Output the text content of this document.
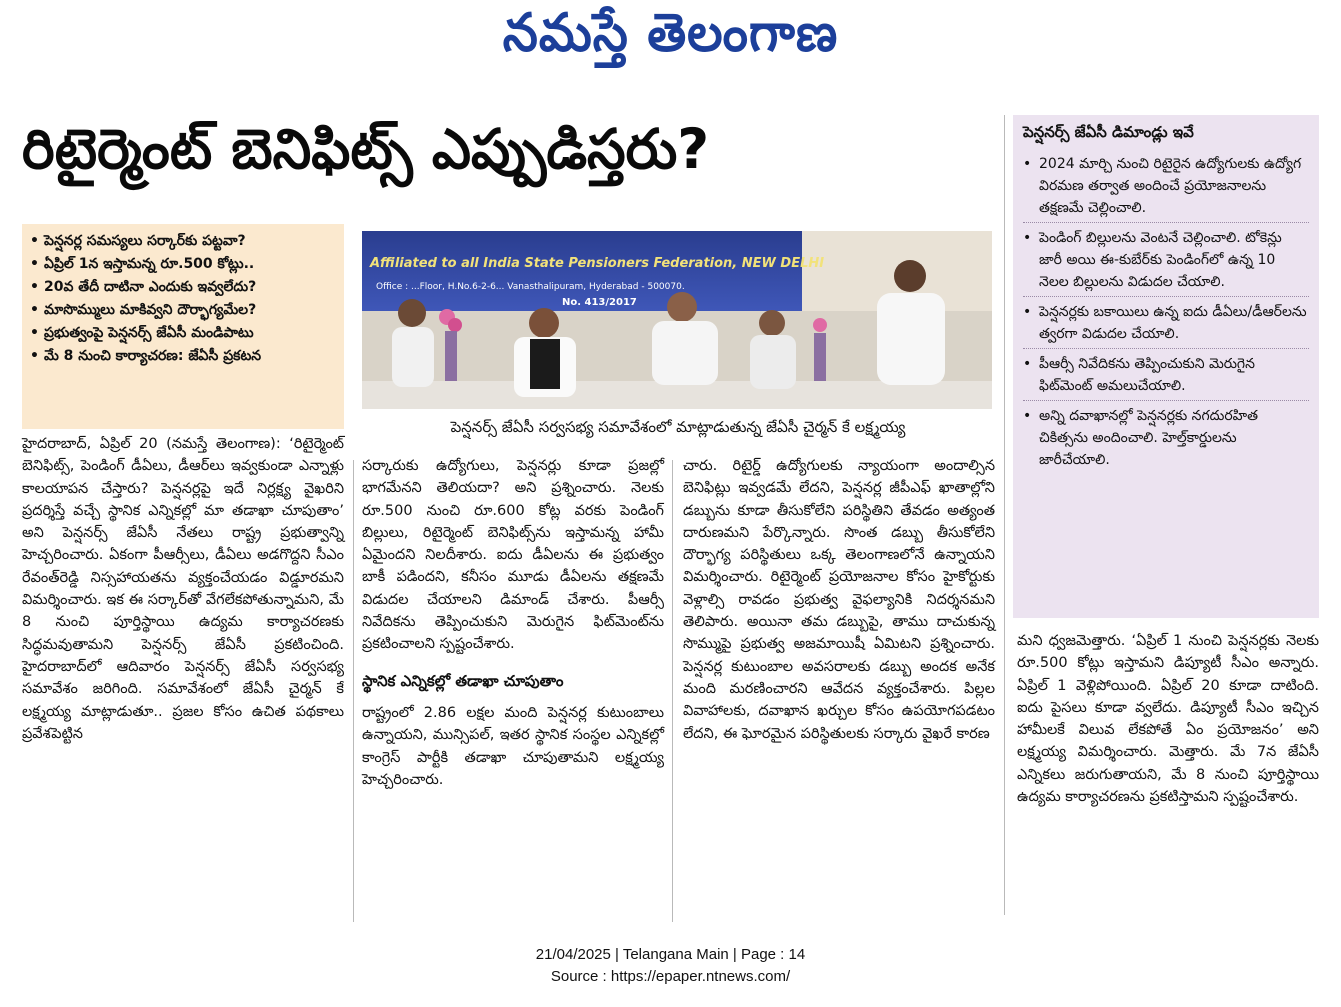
నమస్తే తెలంగాణ
రిటైర్మెంట్ బెనిఫిట్స్ ఎప్పుడిస్తరు?
• పెన్షనర్ల సమస్యలు సర్కార్‌కు పట్టవా?
• ఏప్రిల్ 1న ఇస్తామన్న రూ.500 కోట్లు..
• 20వ తేదీ దాటినా ఎందుకు ఇవ్వలేదు?
• మాసొమ్ములు మాకివ్వని దౌర్భాగ్యమేల?
• ప్రభుత్వంపై పెన్షనర్స్ జేఏసీ మండిపాటు
• మే 8 నుంచి కార్యాచరణ: జేఏసీ ప్రకటన
Affiliated to all India State Pensioners Federation, NEW DELHI
Office : ...Floor, H.No.6-2-6... Vanasthalipuram, Hyderabad - 500070.
No. 413/2017
పెన్షనర్స్ జేఏసీ సర్వసభ్య సమావేశంలో మాట్లాడుతున్న జేఏసీ చైర్మన్ కే లక్ష్మయ్య

హైదరాబాద్, ఏప్రిల్ 20 (నమస్తే తెలంగాణ): ‘రిటైర్మెంట్ బెనిఫిట్స్, పెండింగ్ డీఏలు, డీఆర్‌లు ఇవ్వకుండా ఎన్నాళ్లు కాలయాపన చేస్తారు? పెన్షనర్లపై ఇదే నిర్లక్ష్య వైఖరిని ప్రదర్శిస్తే వచ్చే స్థానిక ఎన్నికల్లో మా తడాఖా చూపుతాం’ అని పెన్షనర్స్ జేఏసీ నేతలు రాష్ట్ర ప్రభుత్వాన్ని హెచ్చరించారు. ఏకంగా పీఆర్సీలు, డీఏలు అడగొద్దని సీఎం రేవంత్‌రెడ్డి నిస్సహాయతను వ్యక్తంచేయడం విడ్డూరమని విమర్శించారు. ఇక ఈ సర్కార్‌తో వేగలేకపోతున్నామని, మే 8 నుంచి పూర్తిస్థాయి ఉద్యమ కార్యాచరణకు సిద్ధమవుతామని పెన్షనర్స్ జేఏసీ ప్రకటించింది. హైదరాబాద్‌లో ఆదివారం పెన్షనర్స్ జేఏసీ సర్వసభ్య సమావేశం జరిగింది. సమావేశంలో జేఏసీ చైర్మన్ కే లక్ష్మయ్య మాట్లాడుతూ.. ప్రజల కోసం ఉచిత పథకాలు ప్రవేశపెట్టిన

సర్కారుకు ఉద్యోగులు, పెన్షనర్లు కూడా ప్రజల్లో భాగమేనని తెలియదా? అని ప్రశ్నించారు. నెలకు రూ.500 నుంచి రూ.600 కోట్ల వరకు పెండింగ్ బిల్లులు, రిటైర్మెంట్ బెనిఫిట్స్‌ను ఇస్తామన్న హామీ ఏమైందని నిలదీశారు. ఐదు డీఏలను ఈ ప్రభుత్వం బాకీ పడిందని, కనీసం మూడు డీఏలను తక్షణమే విడుదల చేయాలని డిమాండ్ చేశారు. పీఆర్సీ నివేదికను తెప్పించుకుని మెరుగైన ఫిట్‌మెంట్‌ను ప్రకటించాలని స్పష్టంచేశారు.

స్థానిక ఎన్నికల్లో తడాఖా చూపుతాం

రాష్ట్రంలో 2.86 లక్షల మంది పెన్షనర్ల కుటుంబాలు ఉన్నాయని, మున్సిపల్, ఇతర స్థానిక సంస్థల ఎన్నికల్లో కాంగ్రెస్ పార్టీకి తడాఖా చూపుతామని లక్ష్మయ్య హెచ్చరించారు.

చారు. రిటైర్డ్ ఉద్యోగులకు న్యాయంగా అందాల్సిన బెనిఫిట్లు ఇవ్వడమే లేదని, పెన్షనర్ల జీపీఎఫ్ ఖాతాల్లోని డబ్బును కూడా తీసుకోలేని పరిస్థితిని తేవడం అత్యంత దారుణమని పేర్కొన్నారు. సొంత డబ్బు తీసుకోలేని దౌర్భాగ్య పరిస్థితులు ఒక్క తెలంగాణలోనే ఉన్నాయని విమర్శించారు. రిటైర్మెంట్ ప్రయోజనాల కోసం హైకోర్టుకు వెళ్లాల్సి రావడం ప్రభుత్వ వైఫల్యానికి నిదర్శనమని తెలిపారు. అయినా తమ డబ్బుపై, తాము దాచుకున్న సొమ్ముపై ప్రభుత్వ అజమాయిషీ ఏమిటని ప్రశ్నించారు. పెన్షనర్ల కుటుంబాల అవసరాలకు డబ్బు అందక అనేక మంది మరణించారని ఆవేదన వ్యక్తంచేశారు. పిల్లల వివాహాలకు, దవాఖాన ఖర్చుల కోసం ఉపయోగపడటం లేదని, ఈ ఘోరమైన పరిస్థితులకు సర్కారు వైఖరే కారణ

పెన్షనర్స్ జేఏసీ డిమాండ్లు ఇవే
• 2024 మార్చి నుంచి రిటైరైన ఉద్యోగులకు ఉద్యోగ విరమణ తర్వాత అందించే ప్రయోజనాలను తక్షణమే చెల్లించాలి.
• పెండింగ్ బిల్లులను వెంటనే చెల్లించాలి. టోకెన్లు జారీ అయి ఈ-కుబేర్‌కు పెండింగ్‌లో ఉన్న 10 నెలల బిల్లులను విడుదల చేయాలి.
• పెన్షనర్లకు బకాయిలు ఉన్న ఐదు డీఏలు/డీఆర్‌లను త్వరగా విడుదల చేయాలి.
• పీఆర్సీ నివేదికను తెప్పించుకుని మెరుగైన ఫిట్‌మెంట్ అమలుచేయాలి.
• అన్ని దవాఖానల్లో పెన్షనర్లకు నగదురహిత చికిత్సను అందించాలి. హెల్త్‌కార్డులను జారీచేయాలి.

మని ధ్వజమెత్తారు. ‘ఏప్రిల్ 1 నుంచి పెన్షనర్లకు నెలకు రూ.500 కోట్లు ఇస్తామని డిప్యూటీ సీఎం అన్నారు. ఏప్రిల్ 1 వెళ్లిపోయింది. ఏప్రిల్ 20 కూడా దాటింది. ఐదు పైసలు కూడా వ్వలేదు. డిప్యూటీ సీఎం ఇచ్చిన హామీలకే విలువ లేకపోతే ఏం ప్రయోజనం’ అని లక్ష్మయ్య విమర్శించారు. మెత్తారు. మే 7న జేఏసీ ఎన్నికలు జరుగుతాయని, మే 8 నుంచి పూర్తిస్థాయి ఉద్యమ కార్యాచరణను ప్రకటిస్తామని స్పష్టంచేశారు.

21/04/2025 | Telangana Main | Page : 14
Source : https://epaper.ntnews.com/
